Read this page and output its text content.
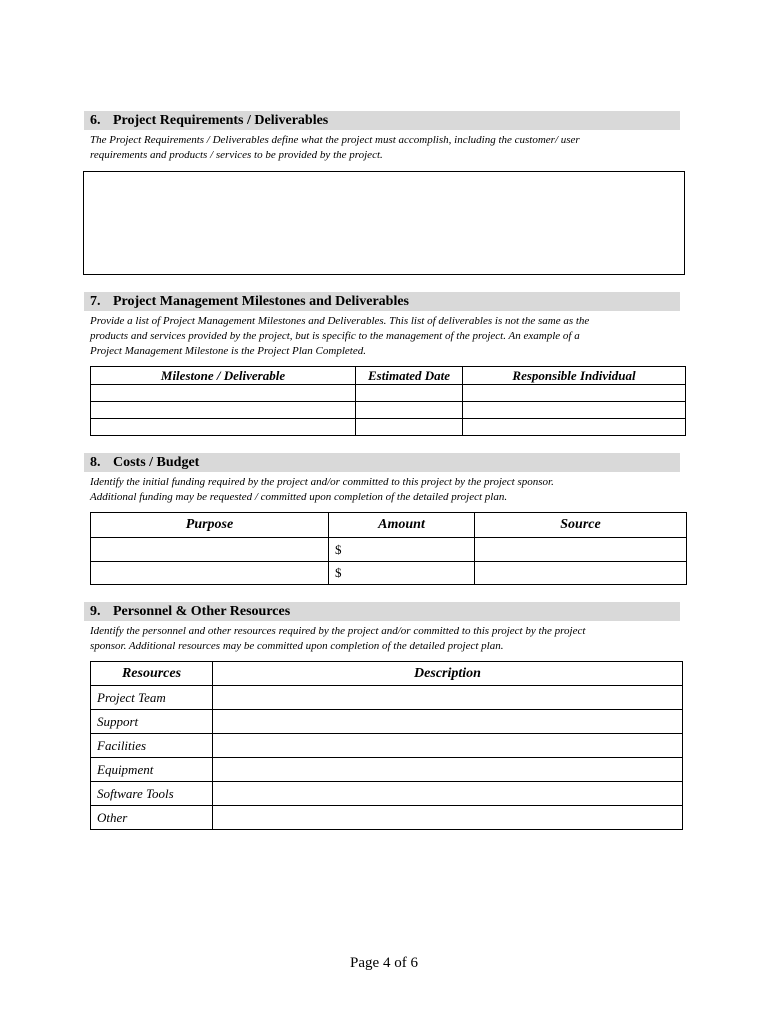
6. Project Requirements / Deliverables

The Project Requirements / Deliverables define what the project must accomplish, including the customer/ user

requirements and products / services to be provided by the project.

7. Project Management Milestones and Deliverables

Provide a list of Project Management Milestones and Deliverables. This list of deliverables is not the same as the

products and services provided by the project, but is specific to the management of the project. An example of a

Project Management Milestone is the Project Plan Completed.

Milestone / Deliverable	Estimated Date	Responsible Individual

8. Costs / Budget

Identify the initial funding required by the project and/or committed to this project by the project sponsor.

Additional funding may be requested / committed upon completion of the detailed project plan.

Purpose	Amount	Source
	$	
	$	
9. Personnel & Other Resources

Identify the personnel and other resources required by the project and/or committed to this project by the project

sponsor. Additional resources may be committed upon completion of the detailed project plan.

Resources	Description
Project Team	
Support	
Facilities	
Equipment	
Software Tools	
Other	
Page 4 of 6
